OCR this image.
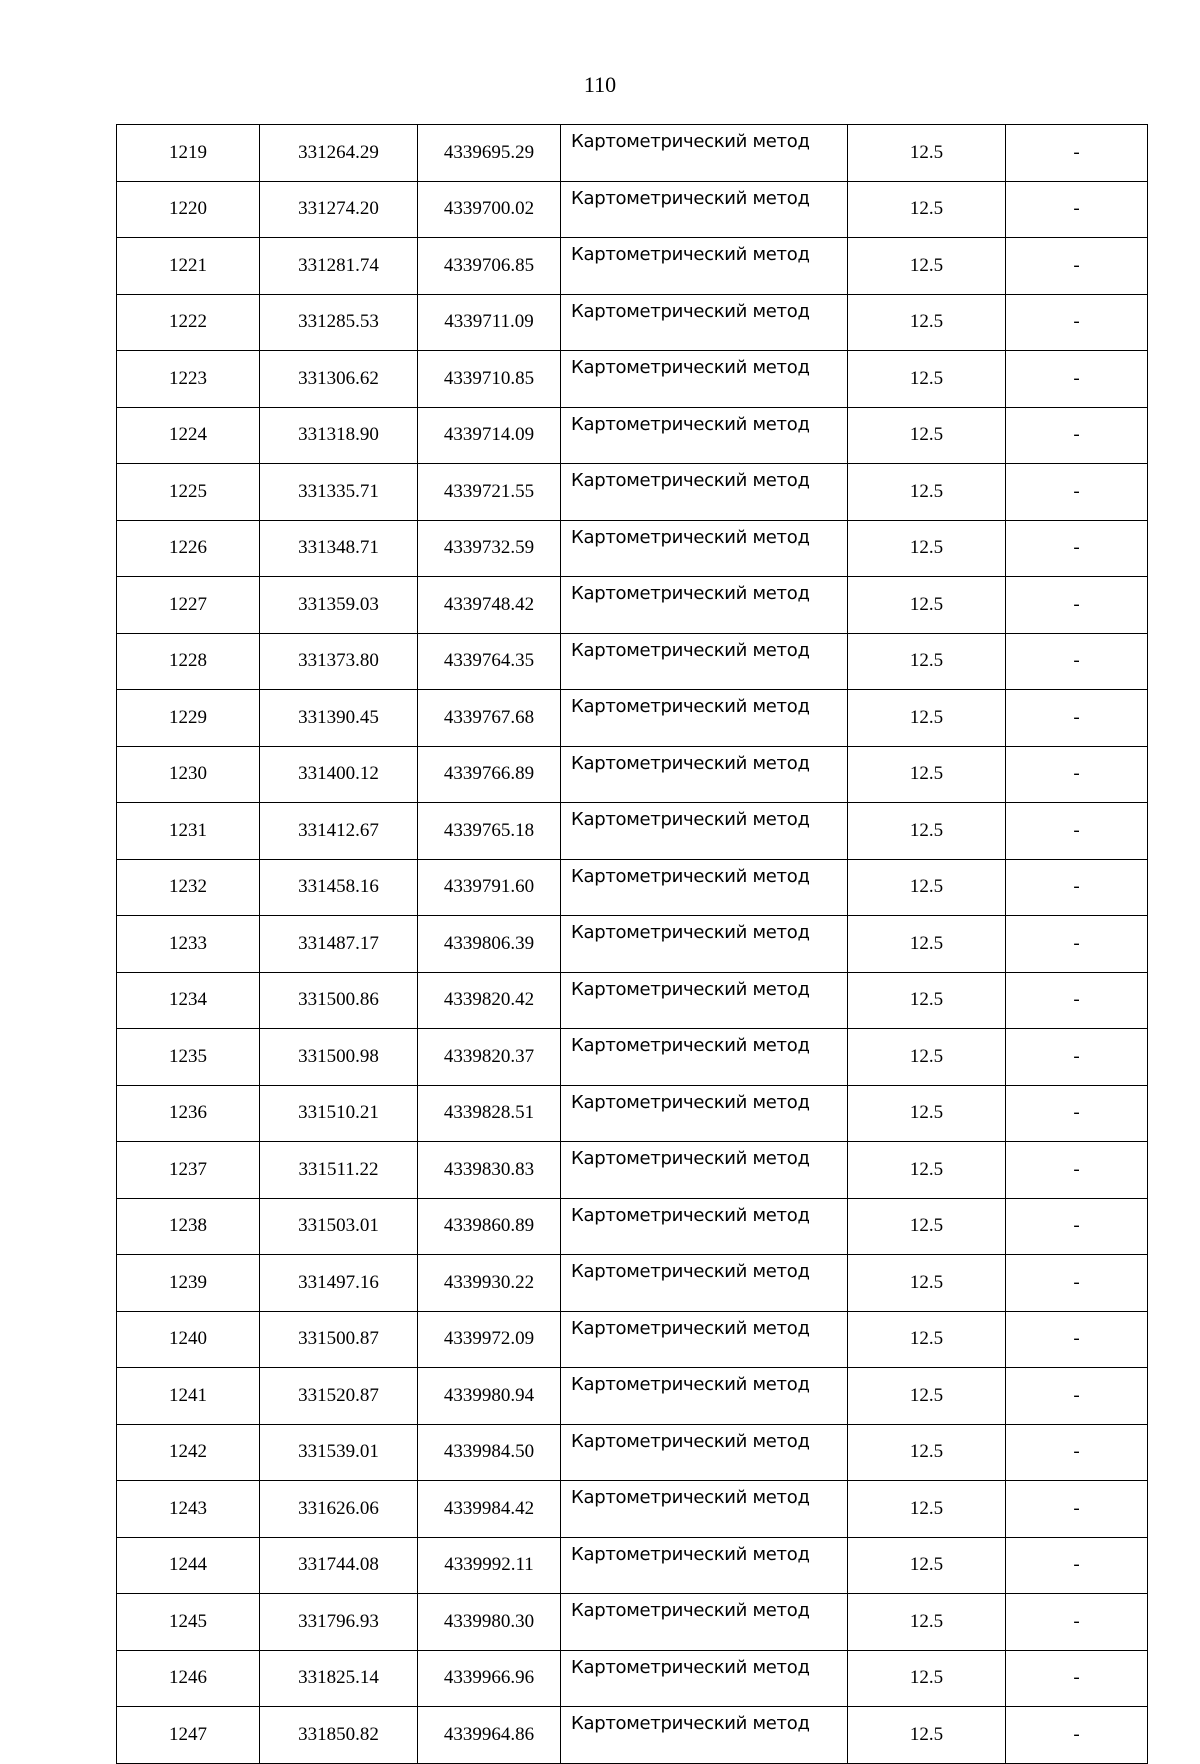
110
1219	331264.29	4339695.29	Картометрический метод	12.5	-
1220	331274.20	4339700.02	Картометрический метод	12.5	-
1221	331281.74	4339706.85	Картометрический метод	12.5	-
1222	331285.53	4339711.09	Картометрический метод	12.5	-
1223	331306.62	4339710.85	Картометрический метод	12.5	-
1224	331318.90	4339714.09	Картометрический метод	12.5	-
1225	331335.71	4339721.55	Картометрический метод	12.5	-
1226	331348.71	4339732.59	Картометрический метод	12.5	-
1227	331359.03	4339748.42	Картометрический метод	12.5	-
1228	331373.80	4339764.35	Картометрический метод	12.5	-
1229	331390.45	4339767.68	Картометрический метод	12.5	-
1230	331400.12	4339766.89	Картометрический метод	12.5	-
1231	331412.67	4339765.18	Картометрический метод	12.5	-
1232	331458.16	4339791.60	Картометрический метод	12.5	-
1233	331487.17	4339806.39	Картометрический метод	12.5	-
1234	331500.86	4339820.42	Картометрический метод	12.5	-
1235	331500.98	4339820.37	Картометрический метод	12.5	-
1236	331510.21	4339828.51	Картометрический метод	12.5	-
1237	331511.22	4339830.83	Картометрический метод	12.5	-
1238	331503.01	4339860.89	Картометрический метод	12.5	-
1239	331497.16	4339930.22	Картометрический метод	12.5	-
1240	331500.87	4339972.09	Картометрический метод	12.5	-
1241	331520.87	4339980.94	Картометрический метод	12.5	-
1242	331539.01	4339984.50	Картометрический метод	12.5	-
1243	331626.06	4339984.42	Картометрический метод	12.5	-
1244	331744.08	4339992.11	Картометрический метод	12.5	-
1245	331796.93	4339980.30	Картометрический метод	12.5	-
1246	331825.14	4339966.96	Картометрический метод	12.5	-
1247	331850.82	4339964.86	Картометрический метод	12.5	-
